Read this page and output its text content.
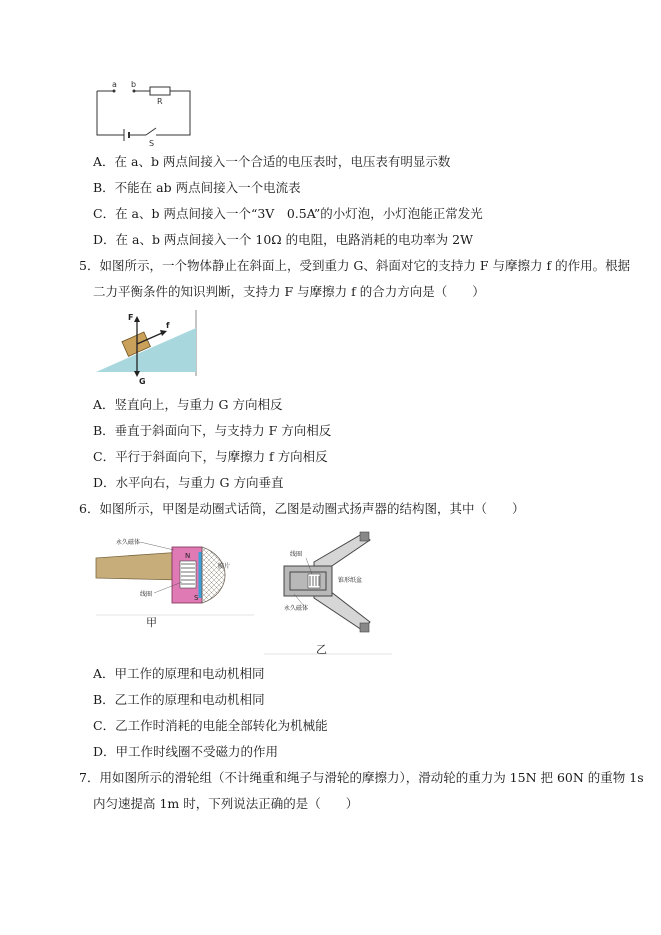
a b
R
S
A．在 a、b 两点间接入一个合适的电压表时，电压表有明显示数
B．不能在 ab 两点间接入一个电流表
C．在 a、b 两点间接入一个“3V　0.5A”的小灯泡，小灯泡能正常发光
D．在 a、b 两点间接入一个 10Ω 的电阻，电路消耗的电功率为 2W
5．如图所示，一个物体静止在斜面上，受到重力 G、斜面对它的支持力 F 与摩擦力 f 的作用。根据
二力平衡条件的知识判断，支持力 F 与摩擦力 f 的合力方向是（　　）
F
f
G
A．竖直向上，与重力 G 方向相反
B．垂直于斜面向下，与支持力 F 方向相反
C．平行于斜面向下，与摩擦力 f 方向相反
D．水平向右，与重力 G 方向垂直
6．如图所示，甲图是动圈式话筒，乙图是动圈式扬声器的结构图，其中（　　）
N
S
永久磁体
线圈
膜片
甲
线圈
锥形纸盆
永久磁体
乙
A．甲工作的原理和电动机相同
B．乙工作的原理和电动机相同
C．乙工作时消耗的电能全部转化为机械能
D．甲工作时线圈不受磁力的作用
7．用如图所示的滑轮组（不计绳重和绳子与滑轮的摩擦力），滑动轮的重力为 15N 把 60N 的重物 1s
内匀速提高 1m 时，下列说法正确的是（　　）
